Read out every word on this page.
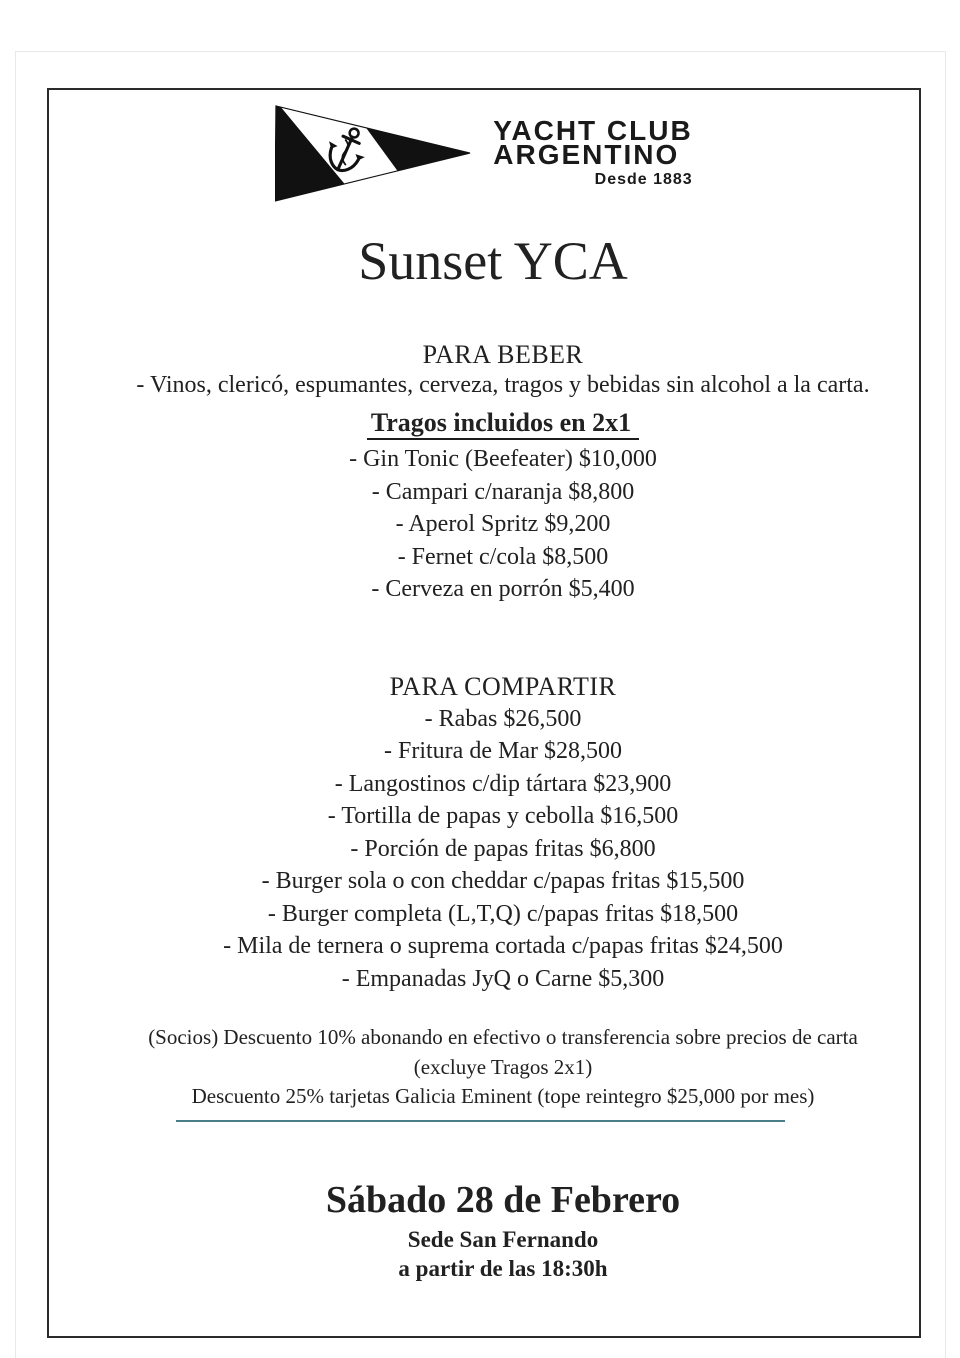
YACHT CLUB
ARGENTINO
Desde 1883
Sunset YCA
PARA BEBER
- Vinos, clericó, espumantes, cerveza, tragos y bebidas sin alcohol a la carta.
Tragos incluidos en 2x1
- Gin Tonic (Beefeater) $10,000
- Campari c/naranja $8,800
- Aperol Spritz $9,200
- Fernet c/cola $8,500
- Cerveza en porrón $5,400
PARA COMPARTIR
- Rabas $26,500
- Fritura de Mar $28,500
- Langostinos c/dip tártara $23,900
- Tortilla de papas y cebolla $16,500
- Porción de papas fritas $6,800
- Burger sola o con cheddar c/papas fritas $15,500
- Burger completa (L,T,Q) c/papas fritas $18,500
- Mila de ternera o suprema cortada c/papas fritas $24,500
- Empanadas JyQ o Carne $5,300
(Socios) Descuento 10% abonando en efectivo o transferencia sobre precios de carta
(excluye Tragos 2x1)
Descuento 25% tarjetas Galicia Eminent (tope reintegro $25,000 por mes)
Sábado 28 de Febrero
Sede San Fernando
a partir de las 18:30h
